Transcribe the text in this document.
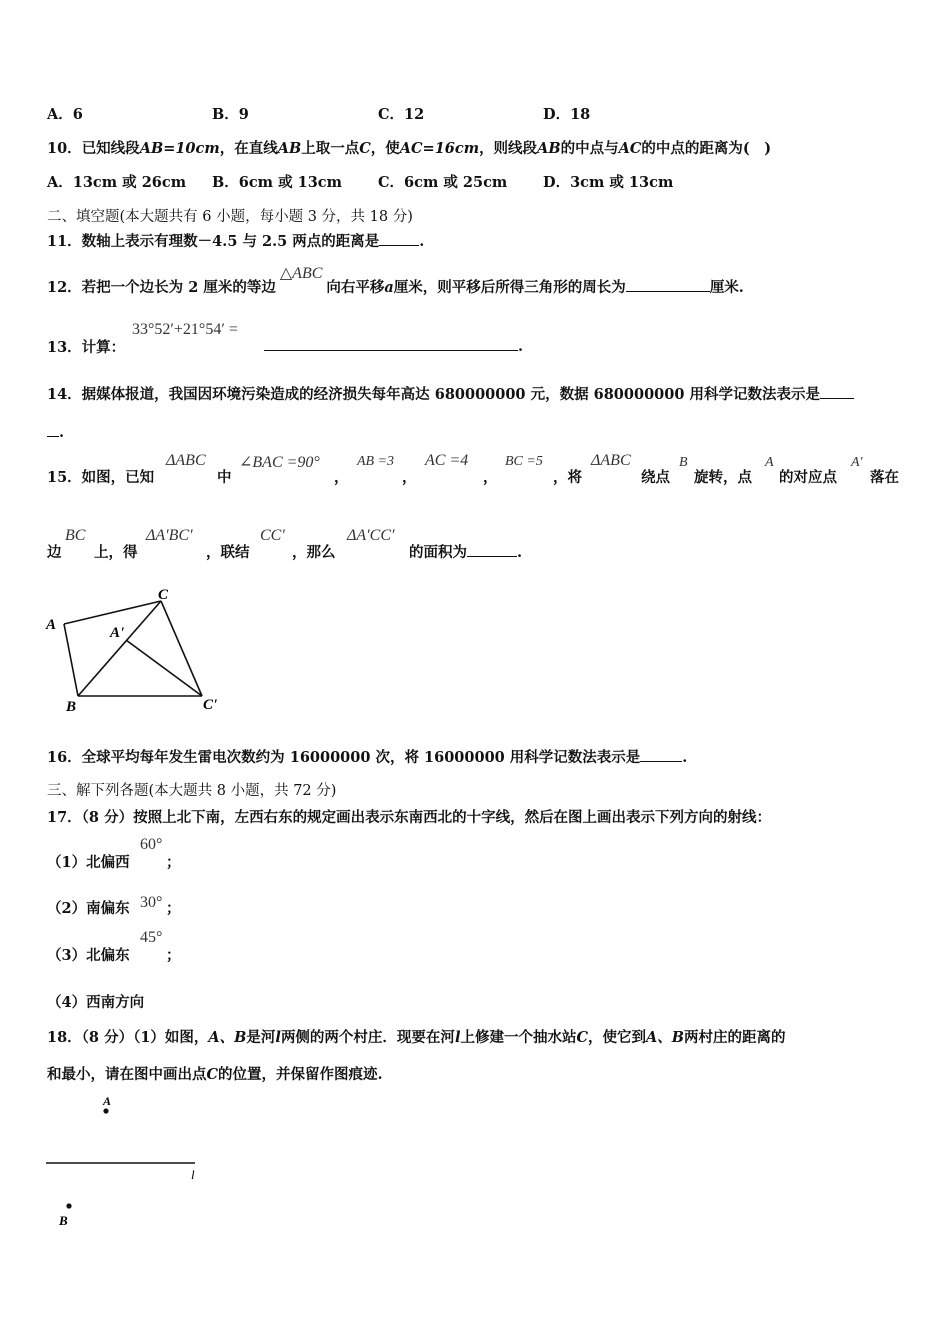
A．6	B．9	C．12	D．18
10．已知线段AB=10cm，在直线AB上取一点C，使AC=16cm，则线段AB的中点与AC的中点的距离为(　)
A．13cm 或 26cm B．6cm 或 13cm C．6cm 或 25cm D．3cm 或 13cm
二、填空题(本大题共有 6 小题，每小题 3 分，共 18 分)
11．数轴上表示有理数－4.5 与 2.5 两点的距离是	.
12．若把一个边长为 2 厘米的等边△ABC向右平移a厘米，则平移后所得三角形的周长为	厘米.
13．计算：
33°52′+21°54′ =
.
14．据媒体报道，我国因环境污染造成的经济损失每年高达 680000000 元，数据 680000000 用科学记数法表示是
.
15．如图，已知
ΔABC
中
∠BAC =90°
，
AB =3
，
AC =4
，
BC =5
，将
ΔABC
绕点
B
旋转，点
A
的对应点
A′
落在
边
BC
上，得
ΔA′BC′
，联结
CC′
，那么
ΔA′CC′
的面积为	.
A
B
C
A'
C'
16．全球平均每年发生雷电次数约为 16000000 次，将 16000000 用科学记数法表示是	.
三、解下列各题(本大题共 8 小题，共 72 分)
17．（8 分）按照上北下南，左西右东的规定画出表示东南西北的十字线，然后在图上画出表示下列方向的射线：
（1）北偏西
60°
；
（2）南偏东 30° ；
（3）北偏东
45°
；
（4）西南方向
18．（8 分）（1）如图，A、B是河l两侧的两个村庄．现要在河l上修建一个抽水站C，使它到A、B两村庄的距离的
和最小，请在图中画出点C的位置，并保留作图痕迹.
A
l
B
